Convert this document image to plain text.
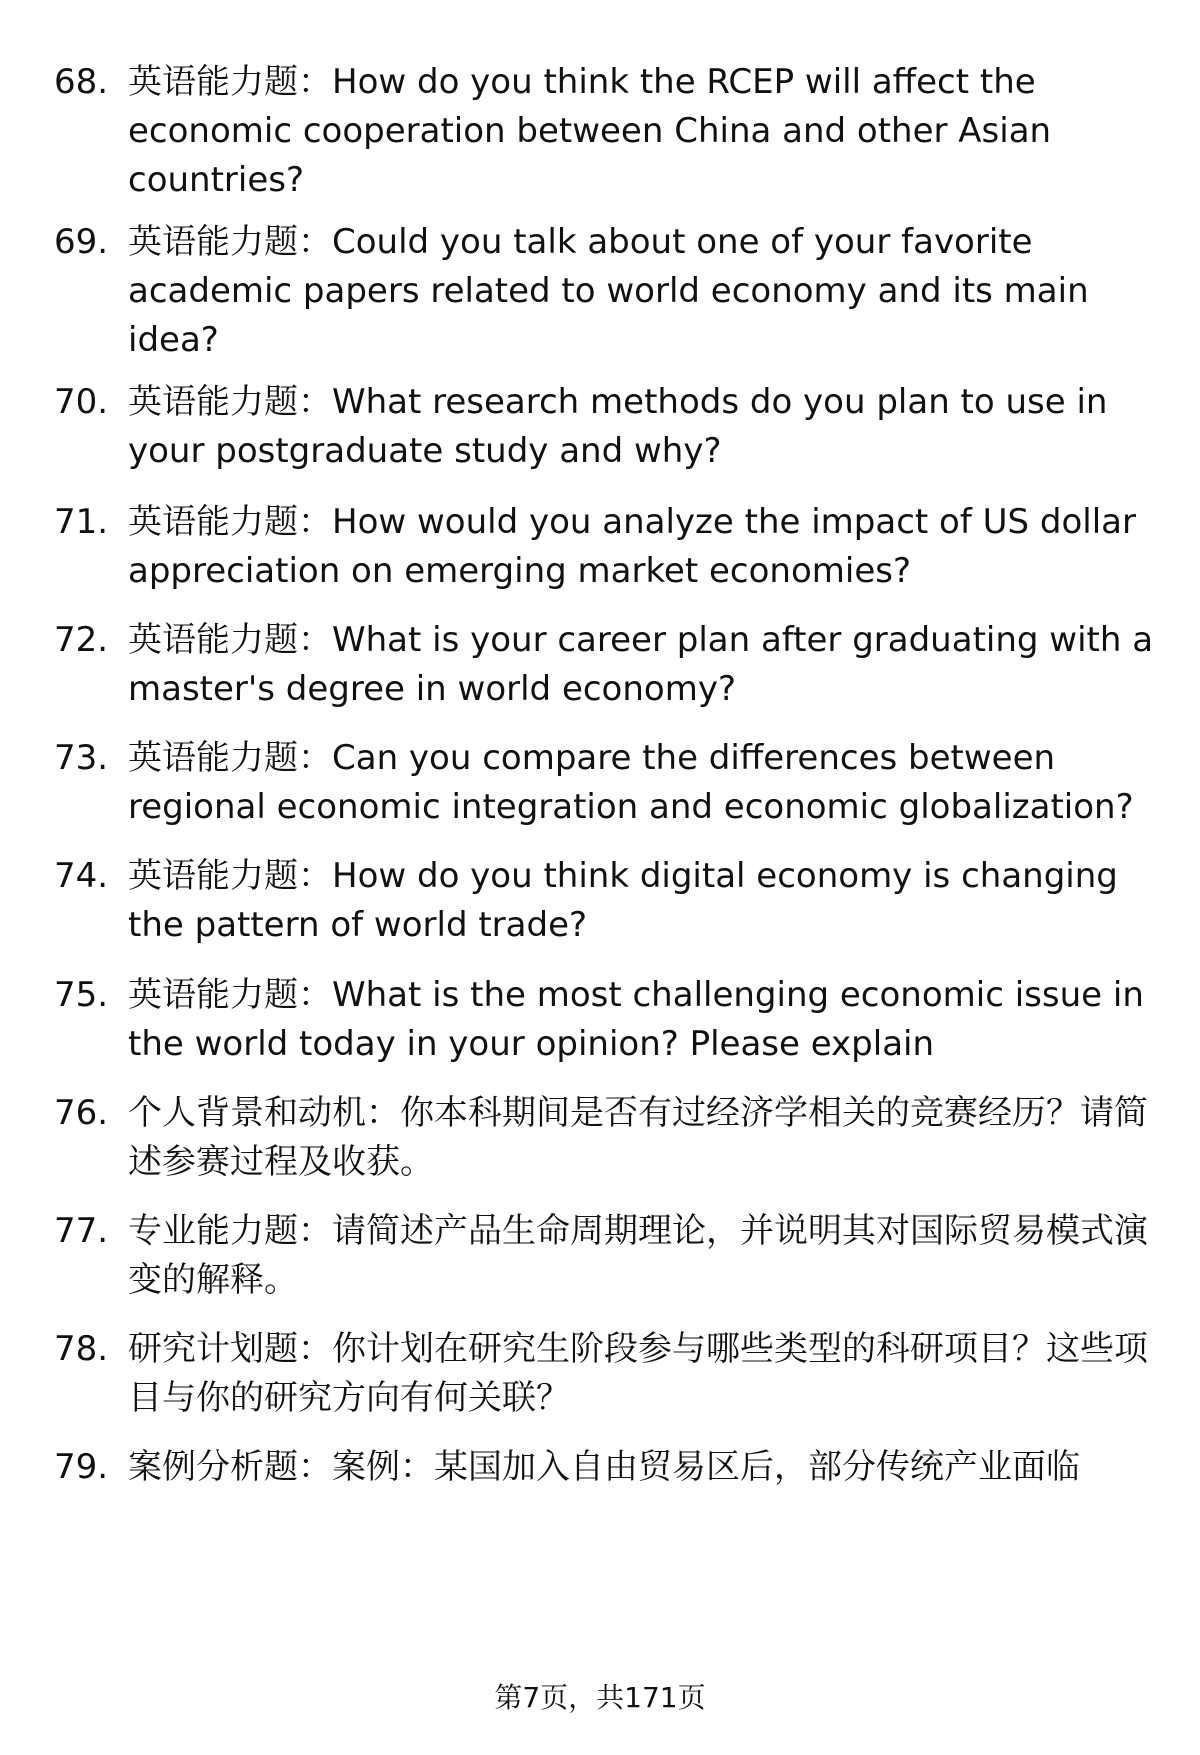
68. 英语能力题：How do you think the RCEP will affect the economic cooperation between China and other Asian countries?
69. 英语能力题：Could you talk about one of your favorite academic papers related to world economy and its main idea?
70. 英语能力题：What research methods do you plan to use in your postgraduate study and why?
71. 英语能力题：How would you analyze the impact of US dollar appreciation on emerging market economies?
72. 英语能力题：What is your career plan after graduating with a master's degree in world economy?
73. 英语能力题：Can you compare the differences between regional economic integration and economic globalization?
74. 英语能力题：How do you think digital economy is changing the pattern of world trade?
75. 英语能力题：What is the most challenging economic issue in the world today in your opinion? Please explain
76. 个人背景和动机：你本科期间是否有过经济学相关的竞赛经历？请简述参赛过程及收获。
77. 专业能力题：请简述产品生命周期理论，并说明其对国际贸易模式演变的解释。
78. 研究计划题：你计划在研究生阶段参与哪些类型的科研项目？这些项目与你的研究方向有何关联？
79. 案例分析题：案例：某国加入自由贸易区后，部分传统产业面临
第7页，共171页
